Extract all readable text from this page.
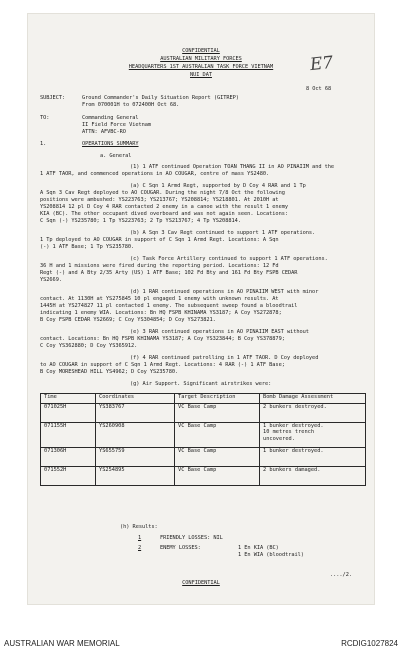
CONFIDENTIAL
AUSTRALIAN MILITARY FORCES
HEADQUARTERS 1ST AUSTRALIAN TASK FORCE VIETNAM
NUI DAT	E7
8 Oct 68
SUBJECT:	Ground Commander's Daily Situation Report (GITREP)
From 070001H to 072400H Oct 68.
TO:	Commanding General
II Field Force Vietnam
ATTN: AFVBC-RO
1.	OPERATIONS SUMMARY
a. General
(1) 1 ATF continued Operation TOAN THANG II in AO PINAIIM and the
1 ATF TAOR, and commenced operations in AO COUGAR, centre of mass YS2480.
(a) C Sqn 1 Armd Regt, supported by D Coy 4 RAR and 1 Tp
A Sqn 3 Cav Regt deployed to AO COUGAR. During the night 7/8 Oct the following
positions were ambushed: YS223763; YS213767; YS208814; YS218801. At 2010H at
YS208814 12 pl D Coy 4 RAR contacted 2 enemy in a canoe with the result 1 enemy
KIA (BC). The other occupant dived overboard and was not again seen. Locations:
C Sqn (-) YS235780; 1 Tp YS223763; 2 Tp YS213767; 4 Tp YS208814.
(b) A Sqn 3 Cav Regt continued to support 1 ATF operations.
1 Tp deployed to AO COUGAR in support of C Sqn 1 Armd Regt. Locations: A Sqn
(-) 1 ATF Base; 1 Tp YS235780.
(c) Task Force Artillery continued to support 1 ATF operations.
36 H and 1 missions were fired during the reporting period. Locations: 12 Fd
Regt (-) and A Bty 2/35 Arty (US) 1 ATF Base; 102 Fd Bty and 161 Fd Bty FSPB CEDAR
YS2669.
(d) 1 RAR continued operations in AO PINAIIM WEST with minor
contact. At 1130H at YS275845 10 pl engaged 1 enemy with unknown results. At
1445H at YS274827 11 pl contacted 1 enemy. The subsequent sweep found a bloodtrail
indicating 1 enemy WIA. Locations: Bn HQ FSPB KHINAMA YS3187; A Coy YS272878;
B Coy FSPB CEDAR YS2669; C Coy YS304854; D Coy YS273821.
(e) 3 RAR continued operations in AO PINAIIM EAST without
contact. Locations: Bn HQ FSPB KHINAMA YS3187; A Coy YS323844; B Coy YS378879;
C Coy YS362880; D Coy YS365912.
(f) 4 RAR continued patrolling in 1 ATF TAOR. D Coy deployed
to AO COUGAR in support of C Sqn 1 Armd Regt. Locations: 4 RAR (-) 1 ATF Base;
B Coy MORESHEAD HILL YS4962; D Coy YS235780.
(g) Air Support. Significant airstrikes were:
Time	Coordinates	Target Description	Bomb Damage Assessment
071025H	YS383767	VC Base Camp	2 bunkers destroyed.

071155H	YS260908	VC Base Camp	1 bunker destroyed.
10 metres trench
uncovered.

071306H	YS655759	VC Base Camp	1 bunker destroyed.

071552H	YS254895	VC Base Camp	2 bunkers damaged.
(h) Results:
1	FRIENDLY LOSSES: NIL
2	ENEMY LOSSES:	1 En KIA (BC)
1 En WIA (bloodtrail)
CONFIDENTIAL
..../2.
AUSTRALIAN WAR MEMORIAL	RCDIG1027824
